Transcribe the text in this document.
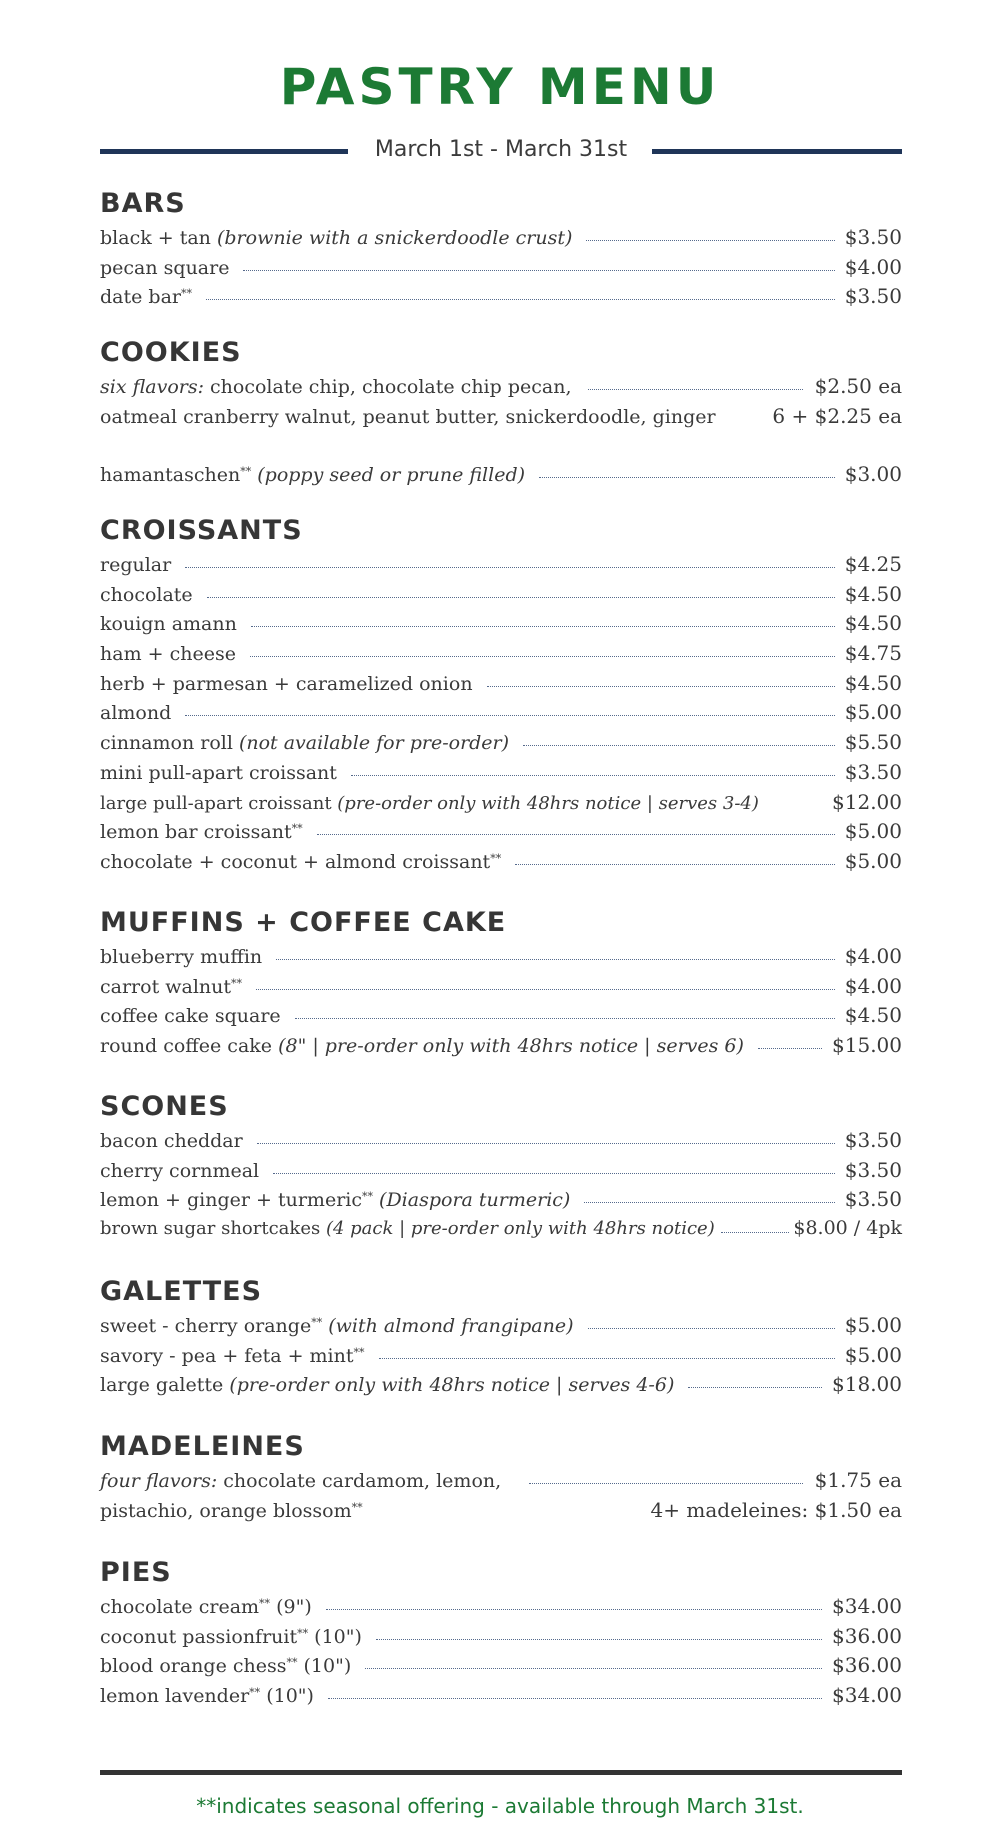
PASTRY MENU
March 1st - March 31st
BARS
black + tan (brownie with a snickerdoodle crust)	$3.50
pecan square	$4.00
date bar**	$3.50
COOKIES
six flavors: chocolate chip, chocolate chip pecan,	$2.50 ea
oatmeal cranberry walnut, peanut butter, snickerdoodle, ginger	6 + $2.25 ea
hamantaschen** (poppy seed or prune filled)	$3.00
CROISSANTS
regular	$4.25
chocolate	$4.50
kouign amann	$4.50
ham + cheese	$4.75
herb + parmesan + caramelized onion	$4.50
almond	$5.00
cinnamon roll (not available for pre-order)	$5.50
mini pull-apart croissant	$3.50
large pull-apart croissant (pre-order only with 48hrs notice | serves 3-4)	$12.00
lemon bar croissant**	$5.00
chocolate + coconut + almond croissant**	$5.00
MUFFINS + COFFEE CAKE
blueberry muffin	$4.00
carrot walnut**	$4.00
coffee cake square	$4.50
round coffee cake (8" | pre-order only with 48hrs notice | serves 6)	$15.00
SCONES
bacon cheddar	$3.50
cherry cornmeal	$3.50
lemon + ginger + turmeric** (Diaspora turmeric)	$3.50
brown sugar shortcakes (4 pack | pre-order only with 48hrs notice)	$8.00 / 4pk
GALETTES
sweet - cherry orange** (with almond frangipane)	$5.00
savory - pea + feta + mint**	$5.00
large galette (pre-order only with 48hrs notice | serves 4-6)	$18.00
MADELEINES
four flavors: chocolate cardamom, lemon,	$1.75 ea
pistachio, orange blossom**	4+ madeleines: $1.50 ea
PIES
chocolate cream** (9")	$34.00
coconut passionfruit** (10")	$36.00
blood orange chess** (10")	$36.00
lemon lavender** (10")	$34.00
**indicates seasonal offering - available through March 31st.
